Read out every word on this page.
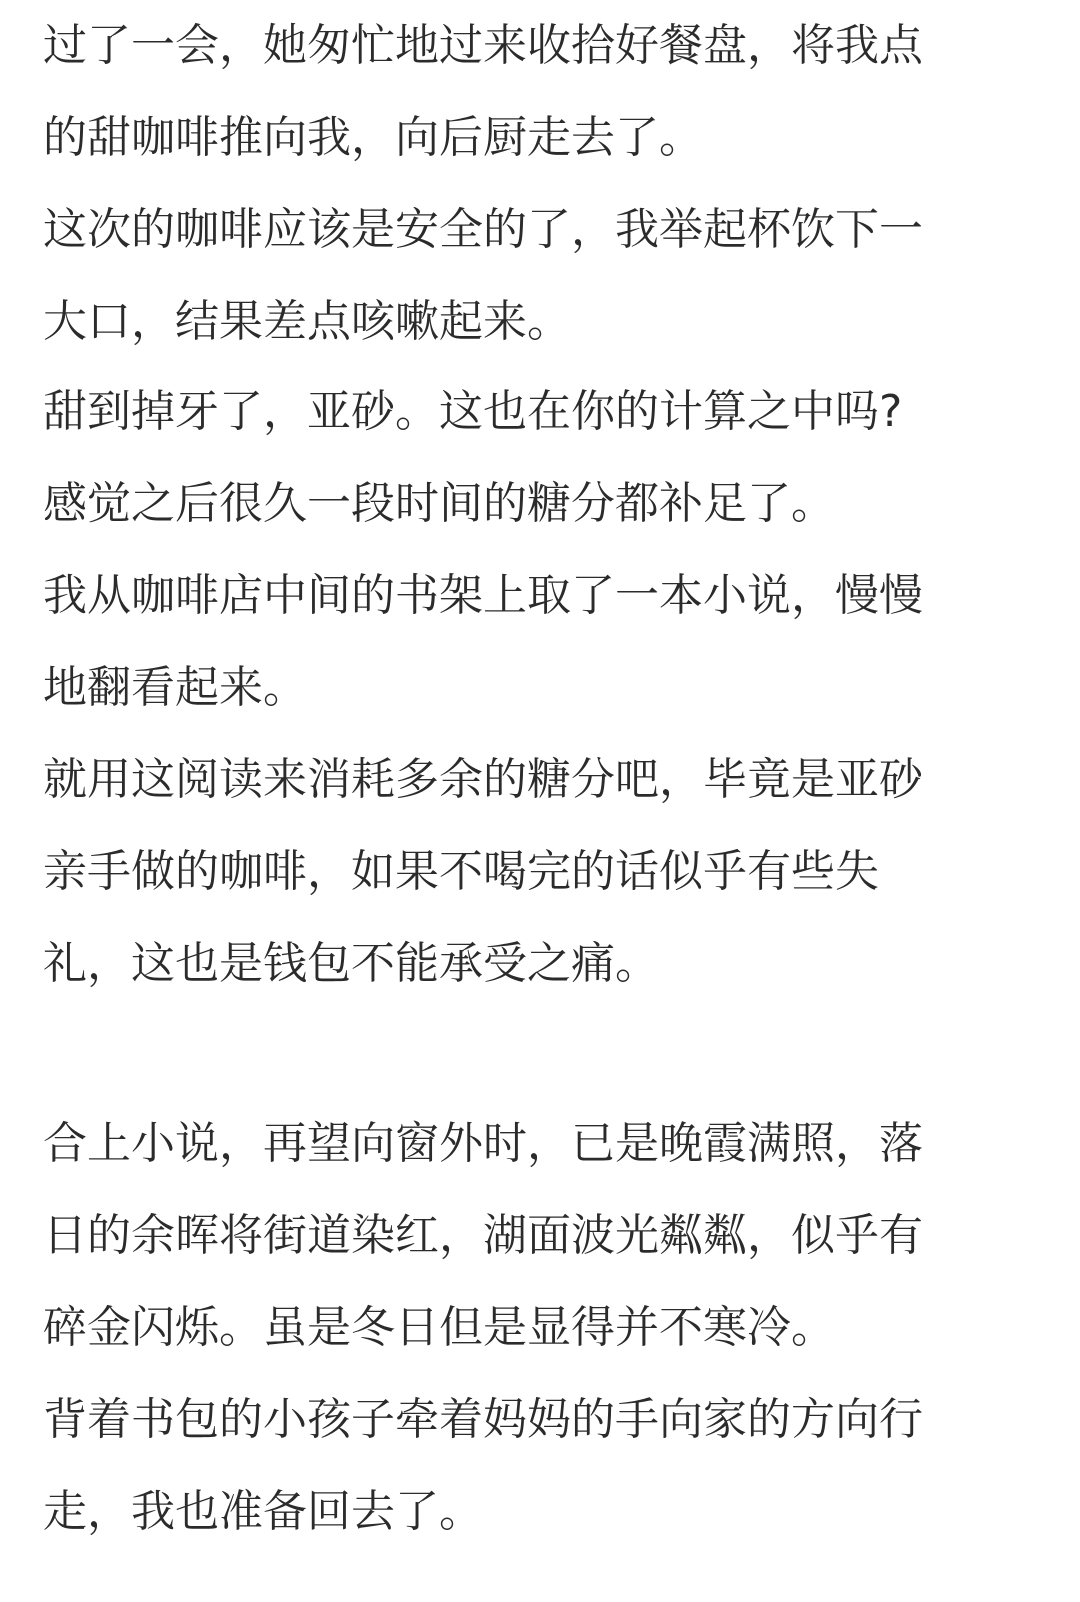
过了一会，她匆忙地过来收拾好餐盘，将我点
的甜咖啡推向我，向后厨走去了。

这次的咖啡应该是安全的了，我举起杯饮下一
大口，结果差点咳嗽起来。

甜到掉牙了，亚砂。这也在你的计算之中吗?
感觉之后很久一段时间的糖分都补足了。

我从咖啡店中间的书架上取了一本小说，慢慢
地翻看起来。

就用这阅读来消耗多余的糖分吧，毕竟是亚砂
亲手做的咖啡，如果不喝完的话似乎有些失
礼，这也是钱包不能承受之痛。

合上小说，再望向窗外时，已是晚霞满照，落
日的余晖将街道染红，湖面波光粼粼，似乎有
碎金闪烁。虽是冬日但是显得并不寒冷。

背着书包的小孩子牵着妈妈的手向家的方向行
走，我也准备回去了。
